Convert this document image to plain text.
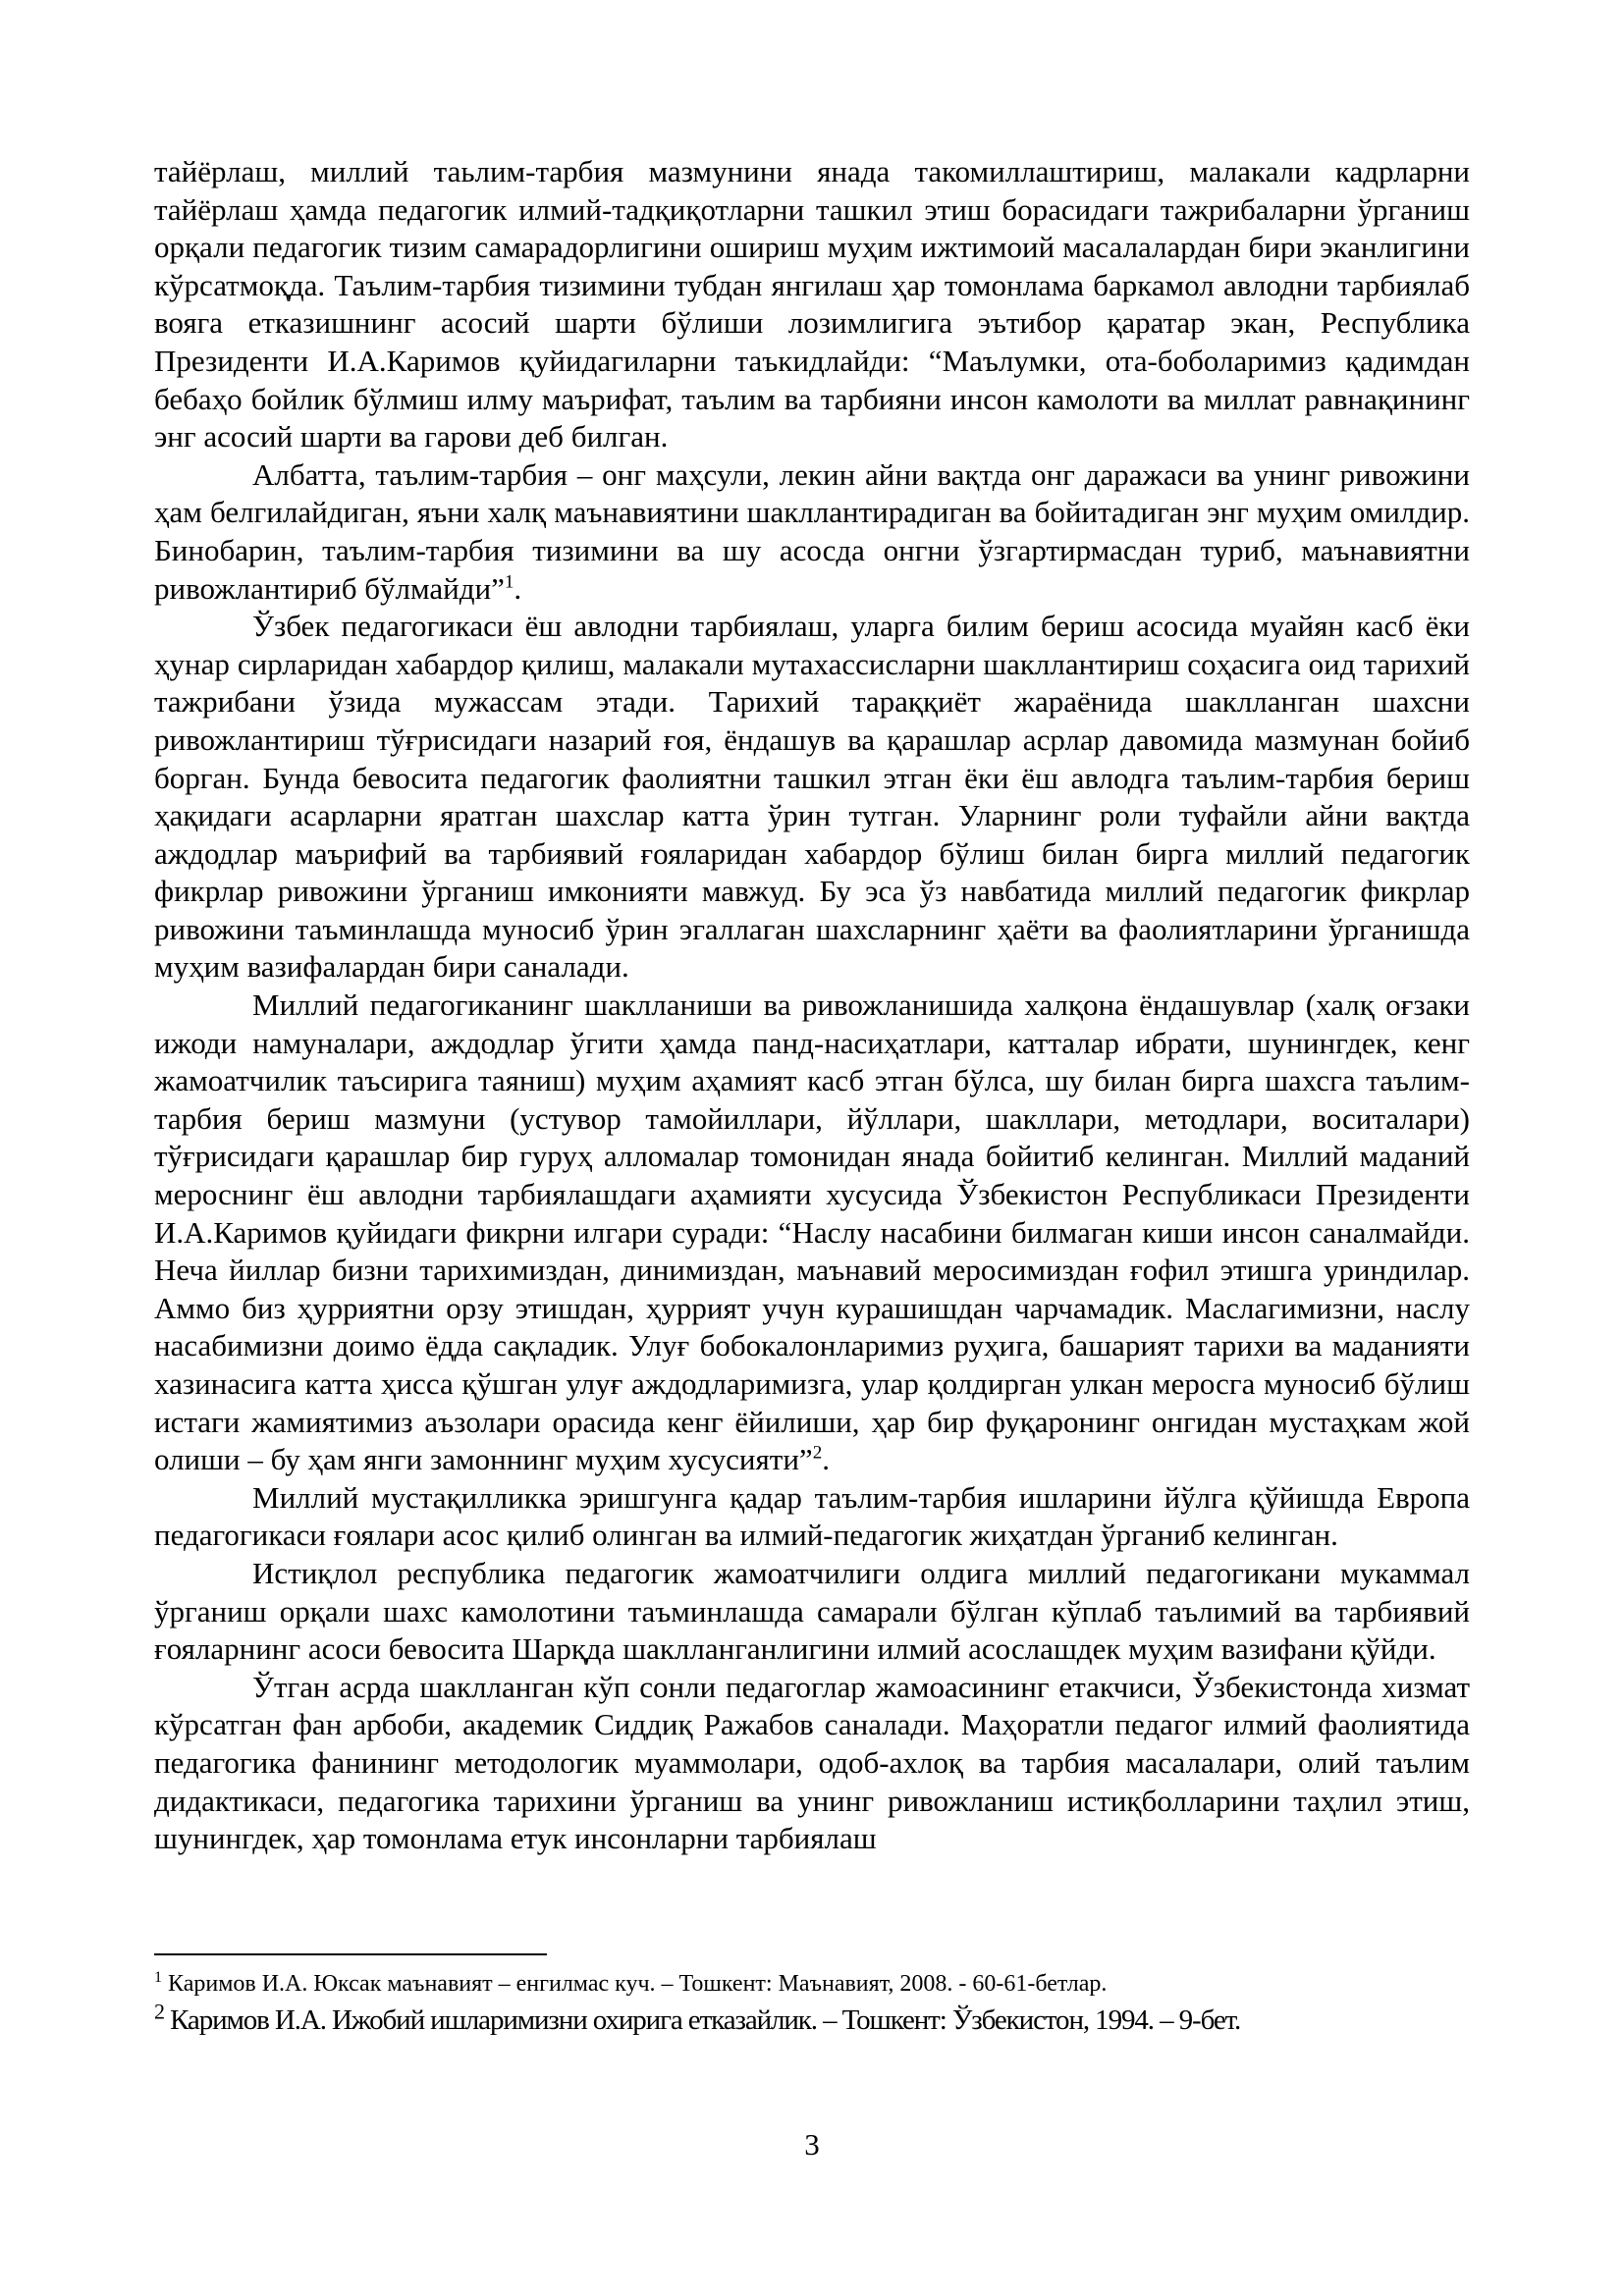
тайёрлаш, миллий таьлим-тарбия мазмунини янада такомиллаштириш, малакали кадрларни тайёрлаш ҳамда педагогик илмий-тадқиқотларни ташкил этиш борасидаги тажрибаларни ўрганиш орқали педагогик тизим самарадорлигини ошириш муҳим ижтимоий масалалардан бири эканлигини кўрсатмоқда. Таълим-тарбия тизимини тубдан янгилаш ҳар томонлама баркамол авлодни тарбиялаб вояга етказишнинг асосий шарти бўлиши лозимлигига эътибор қаратар экан, Республика Президенти И.А.Каримов қуйидагиларни таъкидлайди: “Маълумки, ота-боболаримиз қадимдан бебаҳо бойлик бўлмиш илму маърифат, таълим ва тарбияни инсон камолоти ва миллат равнақининг энг асосий шарти ва гарови деб билган.

Албатта, таълим-тарбия – онг маҳсули, лекин айни вақтда онг даражаси ва унинг ривожини ҳам белгилайдиган, яъни халқ маънавиятини шакллантирадиган ва бойитадиган энг муҳим омилдир. Бинобарин, таълим-тарбия тизимини ва шу асосда онгни ўзгартирмасдан туриб, маънавиятни ривожлантириб бўлмайди”$^1$.

Ўзбек педагогикаси ёш авлодни тарбиялаш, уларга билим бериш асосида муайян касб ёки ҳунар сирларидан хабардор қилиш, малакали мутахассисларни шакллантириш соҳасига оид тарихий тажрибани ўзида мужассам этади. Тарихий тараққиёт жараёнида шаклланган шахсни ривожлантириш тўғрисидаги назарий ғоя, ёндашув ва қарашлар асрлар давомида мазмунан бойиб борган. Бунда бевосита педагогик фаолиятни ташкил этган ёки ёш авлодга таълим-тарбия бериш ҳақидаги асарларни яратган шахслар катта ўрин тутган. Уларнинг роли туфайли айни вақтда аждодлар маърифий ва тарбиявий ғояларидан хабардор бўлиш билан бирга миллий педагогик фикрлар ривожини ўрганиш имконияти мавжуд. Бу эса ўз навбатида миллий педагогик фикрлар ривожини таъминлашда муносиб ўрин эгаллаган шахсларнинг ҳаёти ва фаолиятларини ўрганишда муҳим вазифалардан бири саналади.

Миллий педагогиканинг шаклланиши ва ривожланишида халқона ёндашувлар (халқ оғзаки ижоди намуналари, аждодлар ўгити ҳамда панд-насиҳатлари, катталар ибрати, шунингдек, кенг жамоатчилик таъсирига таяниш) муҳим аҳамият касб этган бўлса, шу билан бирга шахсга таълим-тарбия бериш мазмуни (устувор тамойиллари, йўллари, шакллари, методлари, воситалари) тўғрисидаги қарашлар бир гуруҳ алломалар томонидан янада бойитиб келинган. Миллий маданий мероснинг ёш авлодни тарбиялашдаги аҳамияти хусусида Ўзбекистон Республикаси Президенти И.А.Каримов қуйидаги фикрни илгари суради: “Наслу насабини билмаган киши инсон саналмайди. Неча йиллар бизни тарихимиздан, динимиздан, маънавий меросимиздан ғофил этишга уриндилар. Аммо биз ҳурриятни орзу этишдан, ҳуррият учун курашишдан чарчамадик. Маслагимизни, наслу насабимизни доимо ёдда сақладик. Улуғ бобокалонларимиз руҳига, башарият тарихи ва маданияти хазинасига катта ҳисса қўшган улуғ аждодларимизга, улар қолдирган улкан меросга муносиб бўлиш истаги жамиятимиз аъзолари орасида кенг ёйилиши, ҳар бир фуқаронинг онгидан мустаҳкам жой олиши – бу ҳам янги замоннинг муҳим хусусияти”$^2$.

Миллий мустақилликка эришгунга қадар таълим-тарбия ишларини йўлга қўйишда Европа педагогикаси ғоялари асос қилиб олинган ва илмий-педагогик жиҳатдан ўрганиб келинган.

Истиқлол республика педагогик жамоатчилиги олдига миллий педагогикани мукаммал ўрганиш орқали шахс камолотини таъминлашда самарали бўлган кўплаб таълимий ва тарбиявий ғояларнинг асоси бевосита Шарқда шаклланганлигини илмий асослашдек муҳим вазифани қўйди.

Ўтган асрда шаклланган кўп сонли педагоглар жамоасининг етакчиси, Ўзбекистонда хизмат кўрсатган фан арбоби, академик Сиддиқ Ражабов саналади. Маҳоратли педагог илмий фаолиятида педагогика фанининг методологик муаммолари, одоб-ахлоқ ва тарбия масалалари, олий таълим дидактикаси, педагогика тарихини ўрганиш ва унинг ривожланиш истиқболларини таҳлил этиш, шунингдек, ҳар томонлама етук инсонларни тарбиялаш

$^1$ Каримов И.А. Юксак маънавият – енгилмас куч. – Тошкент: Маънавият, 2008. - 60-61-бетлар.

$^2$ Каримов И.А. Ижобий ишларимизни охирига етказайлик. – Тошкент: Ўзбекистон, 1994. – 9-бет.

3
